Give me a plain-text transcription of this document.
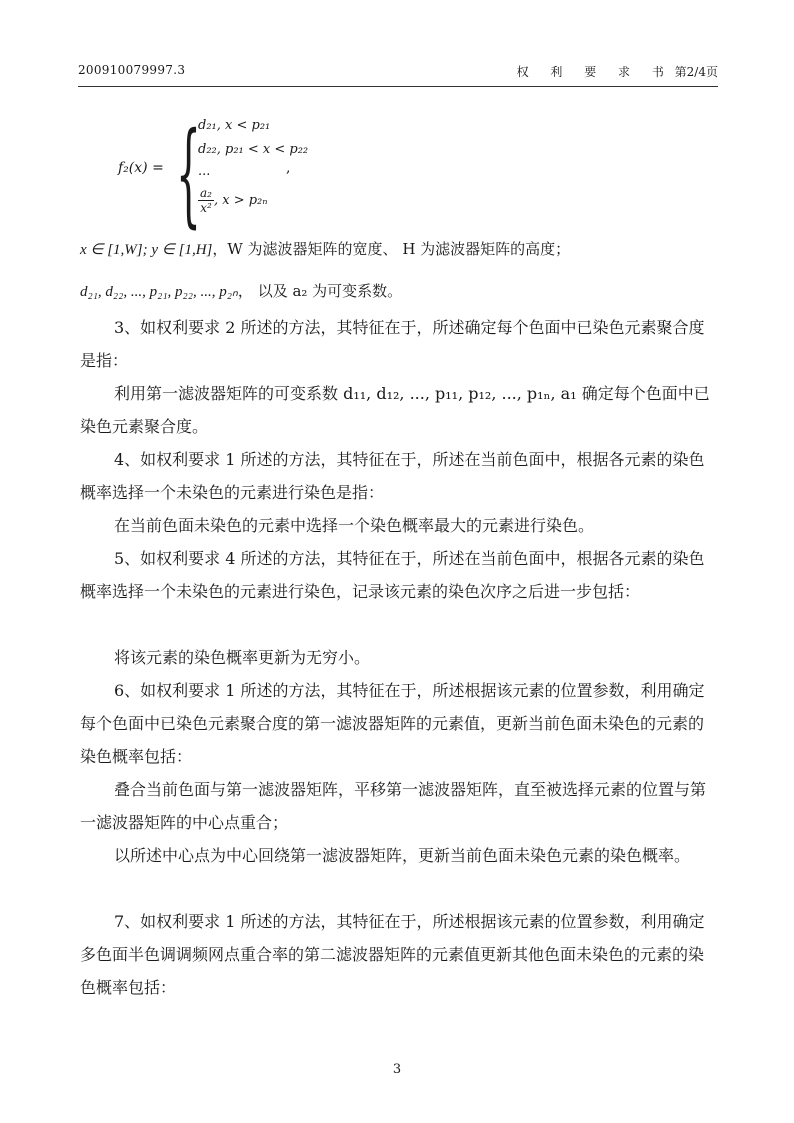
200910079997.3	权 利 要 求 书 第2/4页
f₂(x) = {
d₂₁, x < p₂₁
d₂₂, p₂₁ < x < p₂₂
...
$\frac{\text{a₂}}{\text{x²}}$ , x > p₂ₙ
,
x ∈ [1,W]; y ∈ [1,H]，W 为滤波器矩阵的宽度、 H 为滤波器矩阵的高度；
d₂₁, d₂₂, ..., p₂₁, p₂₂, ..., p₂ₙ， 以及 a₂ 为可变系数。
3、如权利要求 2 所述的方法，其特征在于，所述确定每个色面中已染色元素聚合度是指：
利用第一滤波器矩阵的可变系数 d₁₁, d₁₂, ..., p₁₁, p₁₂, ..., p₁ₙ, a₁ 确定每个色面中已染色元素聚合度。
4、如权利要求 1 所述的方法，其特征在于，所述在当前色面中，根据各元素的染色概率选择一个未染色的元素进行染色是指：
在当前色面未染色的元素中选择一个染色概率最大的元素进行染色。
5、如权利要求 4 所述的方法，其特征在于，所述在当前色面中，根据各元素的染色概率选择一个未染色的元素进行染色，记录该元素的染色次序之后进一步包括：
将该元素的染色概率更新为无穷小。
6、如权利要求 1 所述的方法，其特征在于，所述根据该元素的位置参数，利用确定每个色面中已染色元素聚合度的第一滤波器矩阵的元素值，更新当前色面未染色的元素的染色概率包括：
叠合当前色面与第一滤波器矩阵，平移第一滤波器矩阵，直至被选择元素的位置与第一滤波器矩阵的中心点重合；
以所述中心点为中心回绕第一滤波器矩阵，更新当前色面未染色元素的染色概率。
7、如权利要求 1 所述的方法，其特征在于，所述根据该元素的位置参数，利用确定多色面半色调调频网点重合率的第二滤波器矩阵的元素值更新其他色面未染色的元素的染色概率包括：
3
